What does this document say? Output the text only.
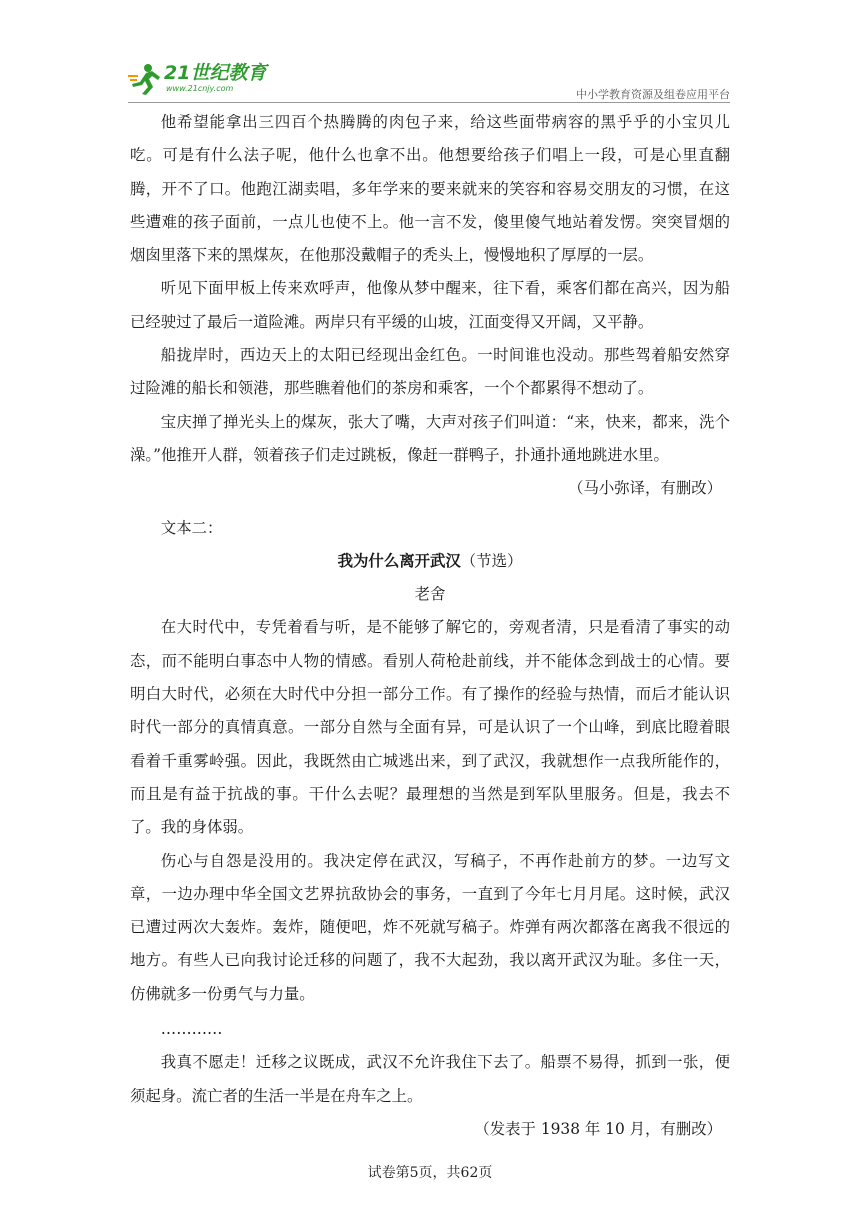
21世纪教育
www.21cnjy.com	中小学教育资源及组卷应用平台

他希望能拿出三四百个热腾腾的肉包子来，给这些面带病容的黑乎乎的小宝贝儿吃。可是有什么法子呢，他什么也拿不出。他想要给孩子们唱上一段，可是心里直翻腾，开不了口。他跑江湖卖唱，多年学来的要来就来的笑容和容易交朋友的习惯，在这些遭难的孩子面前，一点儿也使不上。他一言不发，傻里傻气地站着发愣。突突冒烟的烟囱里落下来的黑煤灰，在他那没戴帽子的秃头上，慢慢地积了厚厚的一层。

听见下面甲板上传来欢呼声，他像从梦中醒来，往下看，乘客们都在高兴，因为船已经驶过了最后一道险滩。两岸只有平缓的山坡，江面变得又开阔，又平静。

船拢岸时，西边天上的太阳已经现出金红色。一时间谁也没动。那些驾着船安然穿过险滩的船长和领港，那些瞧着他们的茶房和乘客，一个个都累得不想动了。

宝庆掸了掸光头上的煤灰，张大了嘴，大声对孩子们叫道：“来，快来，都来，洗个澡。”他推开人群，领着孩子们走过跳板，像赶一群鸭子，扑通扑通地跳进水里。

（马小弥译，有删改）

文本二：

我为什么离开武汉（节选）

老舍

在大时代中，专凭着看与听，是不能够了解它的，旁观者清，只是看清了事实的动态，而不能明白事态中人物的情感。看别人荷枪赴前线，并不能体念到战士的心情。要明白大时代，必须在大时代中分担一部分工作。有了操作的经验与热情，而后才能认识时代一部分的真情真意。一部分自然与全面有异，可是认识了一个山峰，到底比瞪着眼看着千重雾岭强。因此，我既然由亡城逃出来，到了武汉，我就想作一点我所能作的，而且是有益于抗战的事。干什么去呢？最理想的当然是到军队里服务。但是，我去不了。我的身体弱。

伤心与自怨是没用的。我决定停在武汉，写稿子，不再作赴前方的梦。一边写文章，一边办理中华全国文艺界抗敌协会的事务，一直到了今年七月月尾。这时候，武汉已遭过两次大轰炸。轰炸，随便吧，炸不死就写稿子。炸弹有两次都落在离我不很远的地方。有些人已向我讨论迁移的问题了，我不大起劲，我以离开武汉为耻。多住一天，仿佛就多一份勇气与力量。

…………

我真不愿走！迁移之议既成，武汉不允许我住下去了。船票不易得，抓到一张，便须起身。流亡者的生活一半是在舟车之上。

（发表于 1938 年 10 月，有删改）

试卷第5页，共62页
